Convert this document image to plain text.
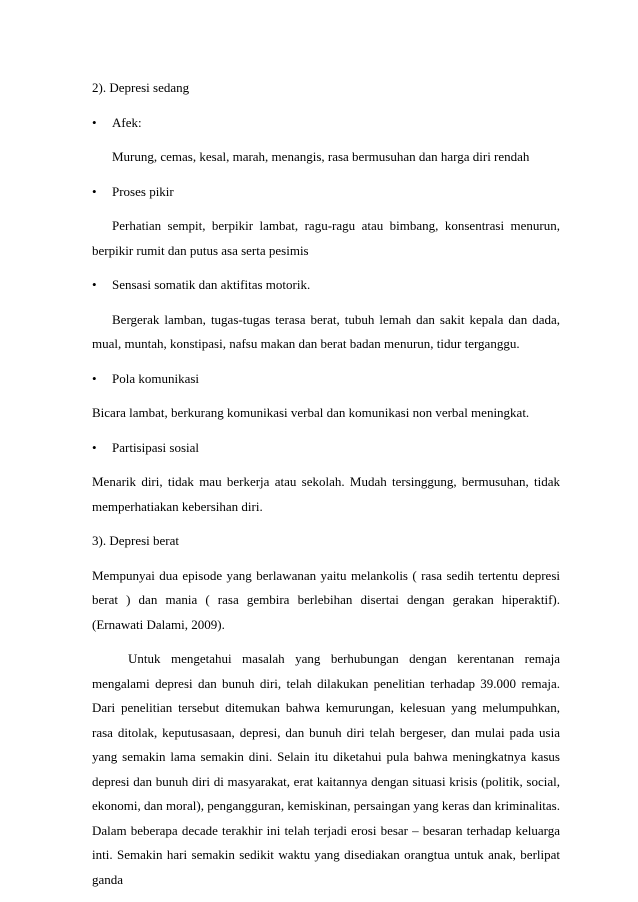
2). Depresi sedang

• Afek:

Murung, cemas, kesal, marah, menangis, rasa bermusuhan dan harga diri rendah

• Proses pikir

Perhatian sempit, berpikir lambat, ragu-ragu atau bimbang, konsentrasi menurun, berpikir rumit dan putus asa serta pesimis

• Sensasi somatik dan aktifitas motorik.

Bergerak lamban, tugas-tugas terasa berat, tubuh lemah dan sakit kepala dan dada, mual, muntah, konstipasi, nafsu makan dan berat badan menurun, tidur terganggu.

• Pola komunikasi

Bicara lambat, berkurang komunikasi verbal dan komunikasi non verbal meningkat.

• Partisipasi sosial

Menarik diri, tidak mau berkerja atau sekolah. Mudah tersinggung, bermusuhan, tidak memperhatiakan kebersihan diri.

3). Depresi berat

Mempunyai dua episode yang berlawanan yaitu melankolis ( rasa sedih tertentu depresi berat ) dan mania ( rasa gembira berlebihan disertai dengan gerakan hiperaktif). (Ernawati Dalami, 2009).

Untuk mengetahui masalah yang berhubungan dengan kerentanan remaja mengalami depresi dan bunuh diri, telah dilakukan penelitian terhadap 39.000 remaja. Dari penelitian tersebut ditemukan bahwa kemurungan, kelesuan yang melumpuhkan, rasa ditolak, keputusasaan, depresi, dan bunuh diri telah bergeser, dan mulai pada usia yang semakin lama semakin dini. Selain itu diketahui pula bahwa meningkatnya kasus depresi dan bunuh diri di masyarakat, erat kaitannya dengan situasi krisis (politik, social, ekonomi, dan moral), pengangguran, kemiskinan, persaingan yang keras dan kriminalitas. Dalam beberapa decade terakhir ini telah terjadi erosi besar – besaran terhadap keluarga inti. Semakin hari semakin sedikit waktu yang disediakan orangtua untuk anak, berlipat ganda
